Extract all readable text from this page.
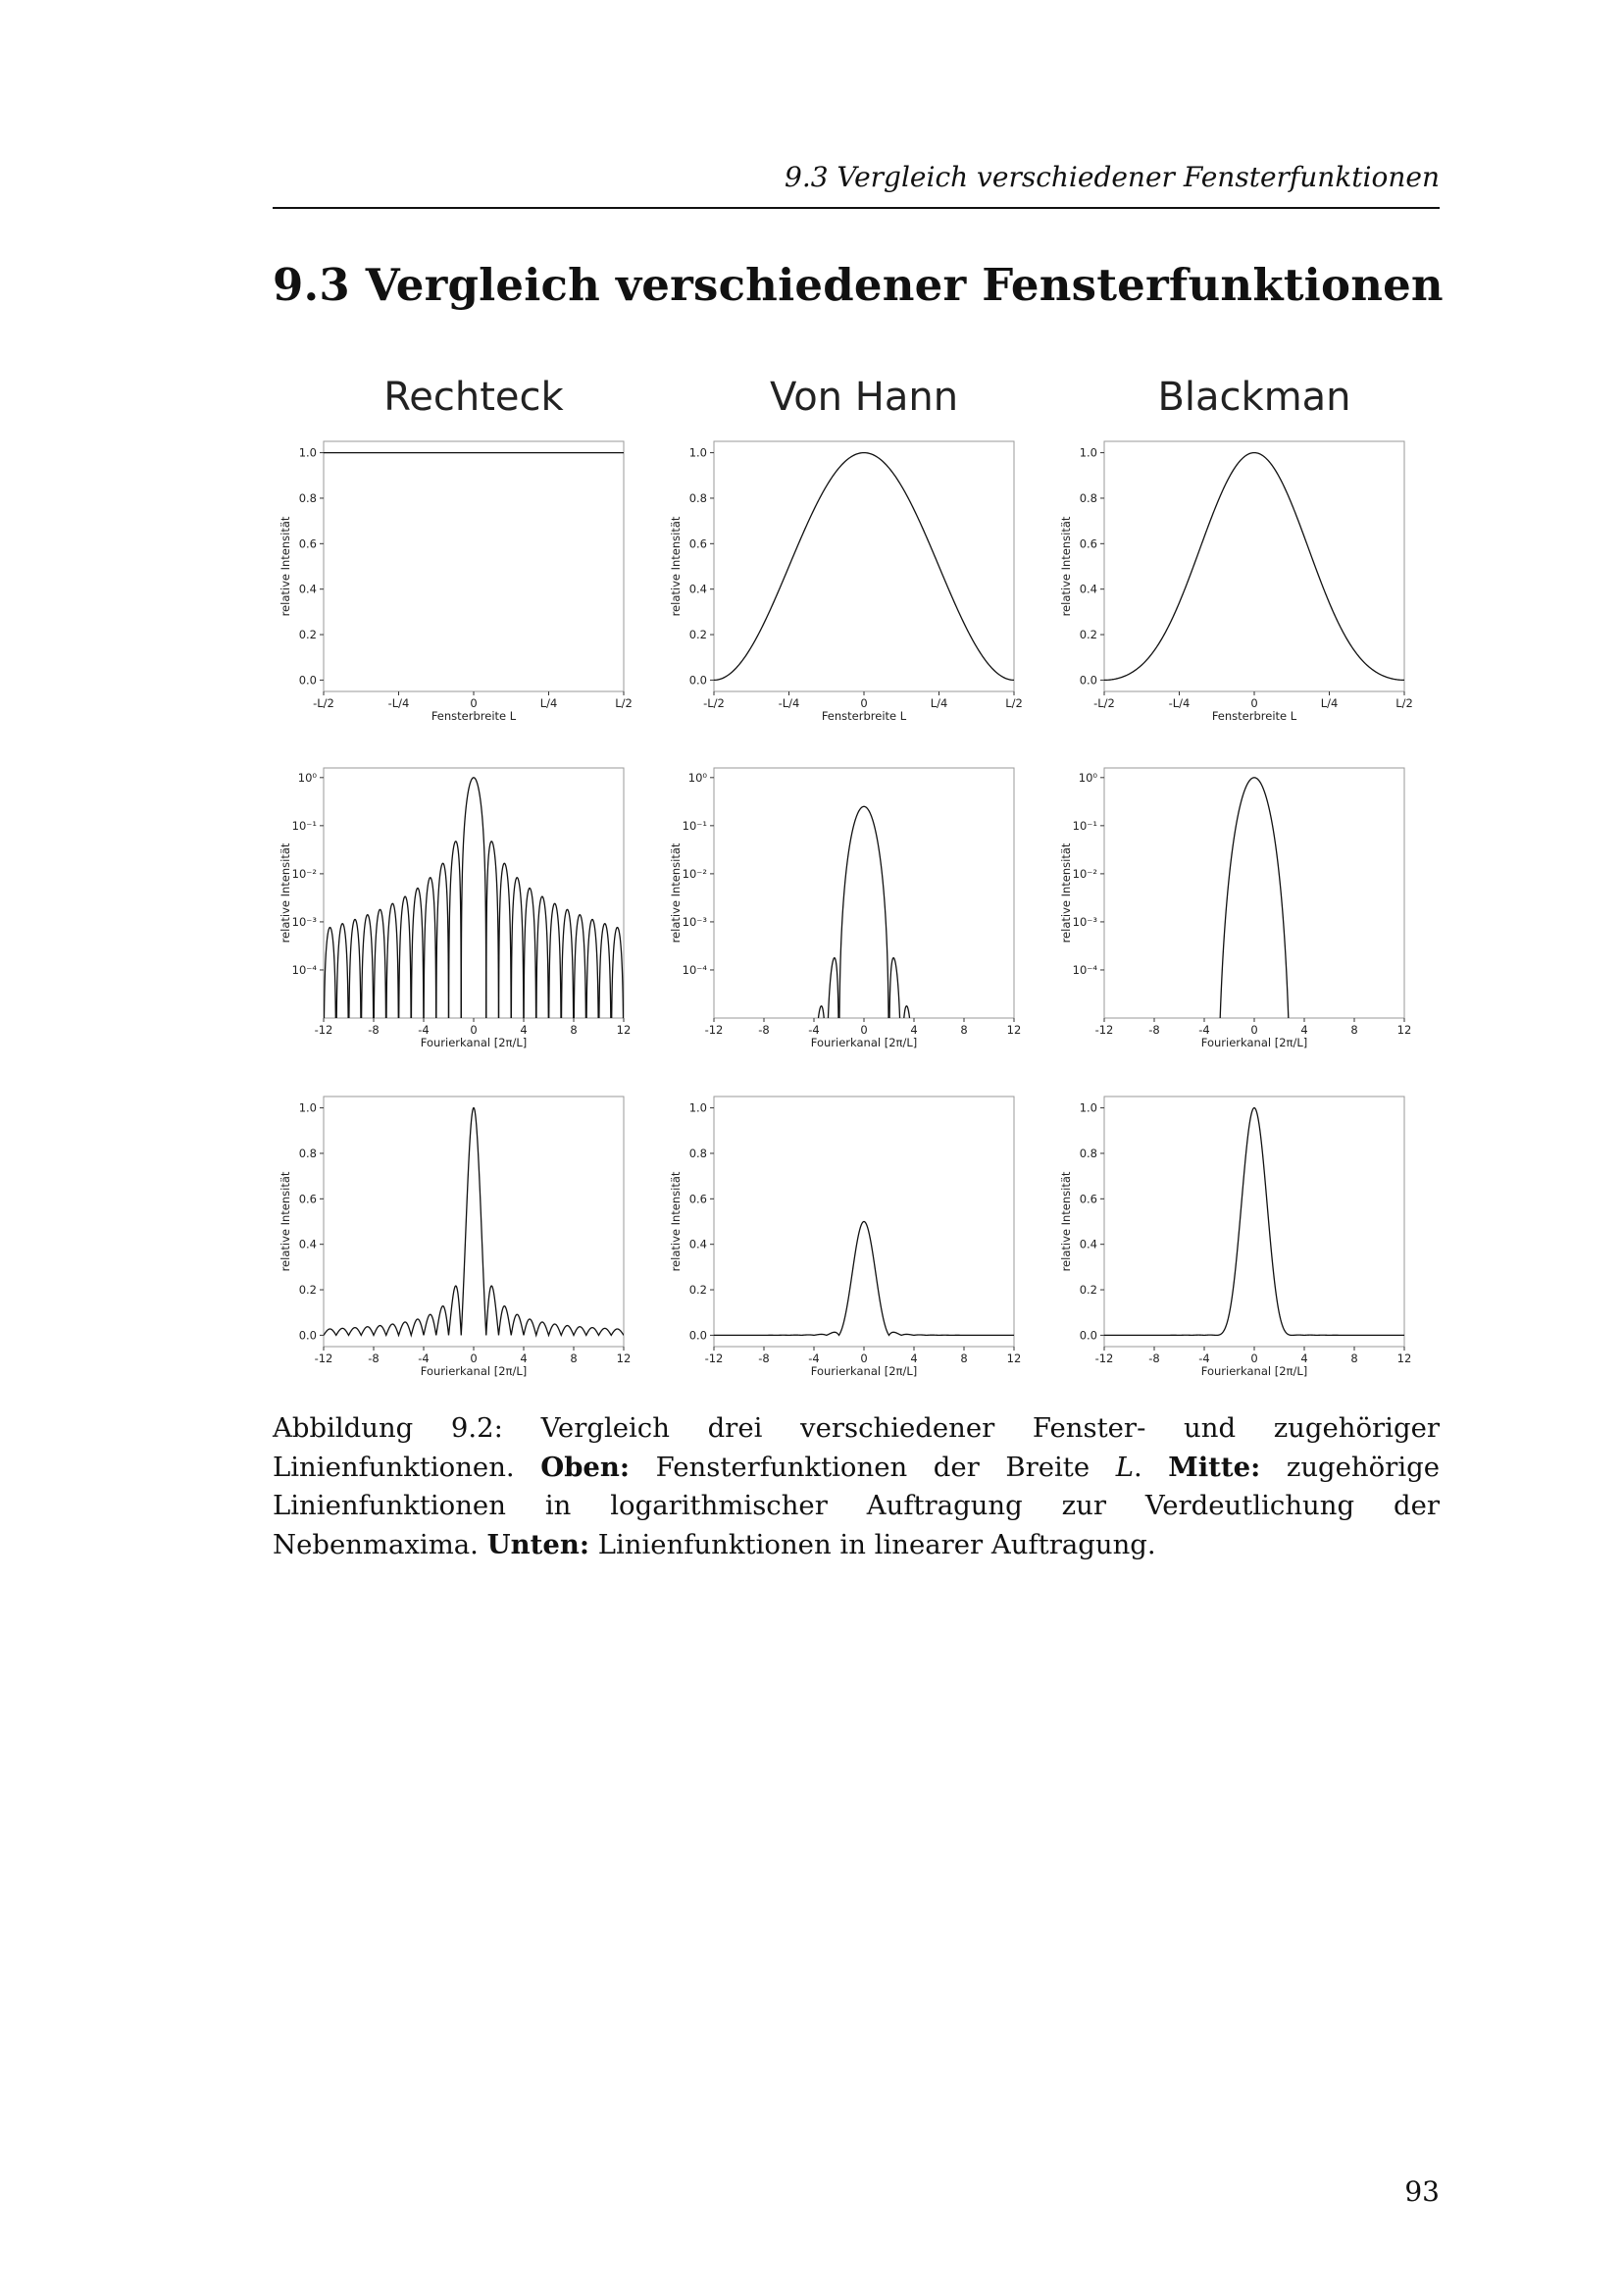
9.3 Vergleich verschiedener Fensterfunktionen
9.3 Vergleich verschiedener Fensterfunktionen
Rechteck
0.0
0.2
0.4
0.6
0.8
1.0
-L/2	-L/4	0	L/4	L/2
Fensterbreite L
relative Intensität
Von Hann
0.0
0.2
0.4
0.6
0.8
1.0
-L/2	-L/4	0	L/4	L/2
Fensterbreite L
relative Intensität
Blackman
0.0
0.2
0.4
0.6
0.8
1.0
-L/2	-L/4	0	L/4	L/2
Fensterbreite L
relative Intensität
10⁻⁴
10⁻³
10⁻²
10⁻¹
10⁰
-12	-8	-4	0	4	8	12
Fourierkanal [2π/L]
relative Intensität
10⁻⁴
10⁻³
10⁻²
10⁻¹
10⁰
-12	-8	-4	0	4	8	12
Fourierkanal [2π/L]
relative Intensität
10⁻⁴
10⁻³
10⁻²
10⁻¹
10⁰
-12	-8	-4	0	4	8	12
Fourierkanal [2π/L]
relative Intensität
0.0
0.2
0.4
0.6
0.8
1.0
-12	-8	-4	0	4	8	12
Fourierkanal [2π/L]
relative Intensität
0.0
0.2
0.4
0.6
0.8
1.0
-12	-8	-4	0	4	8	12
Fourierkanal [2π/L]
relative Intensität
0.0
0.2
0.4
0.6
0.8
1.0
-12	-8	-4	0	4	8	12
Fourierkanal [2π/L]
relative Intensität
Abbildung 9.2: Vergleich drei verschiedener Fenster- und zugehöriger Linienfunktionen. Oben: Fensterfunktionen der Breite L. Mitte: zugehörige Linienfunktionen in logarithmischer Auftragung zur Verdeutlichung der Nebenmaxima. Unten: Linienfunktionen in linearer Auftragung.
93
